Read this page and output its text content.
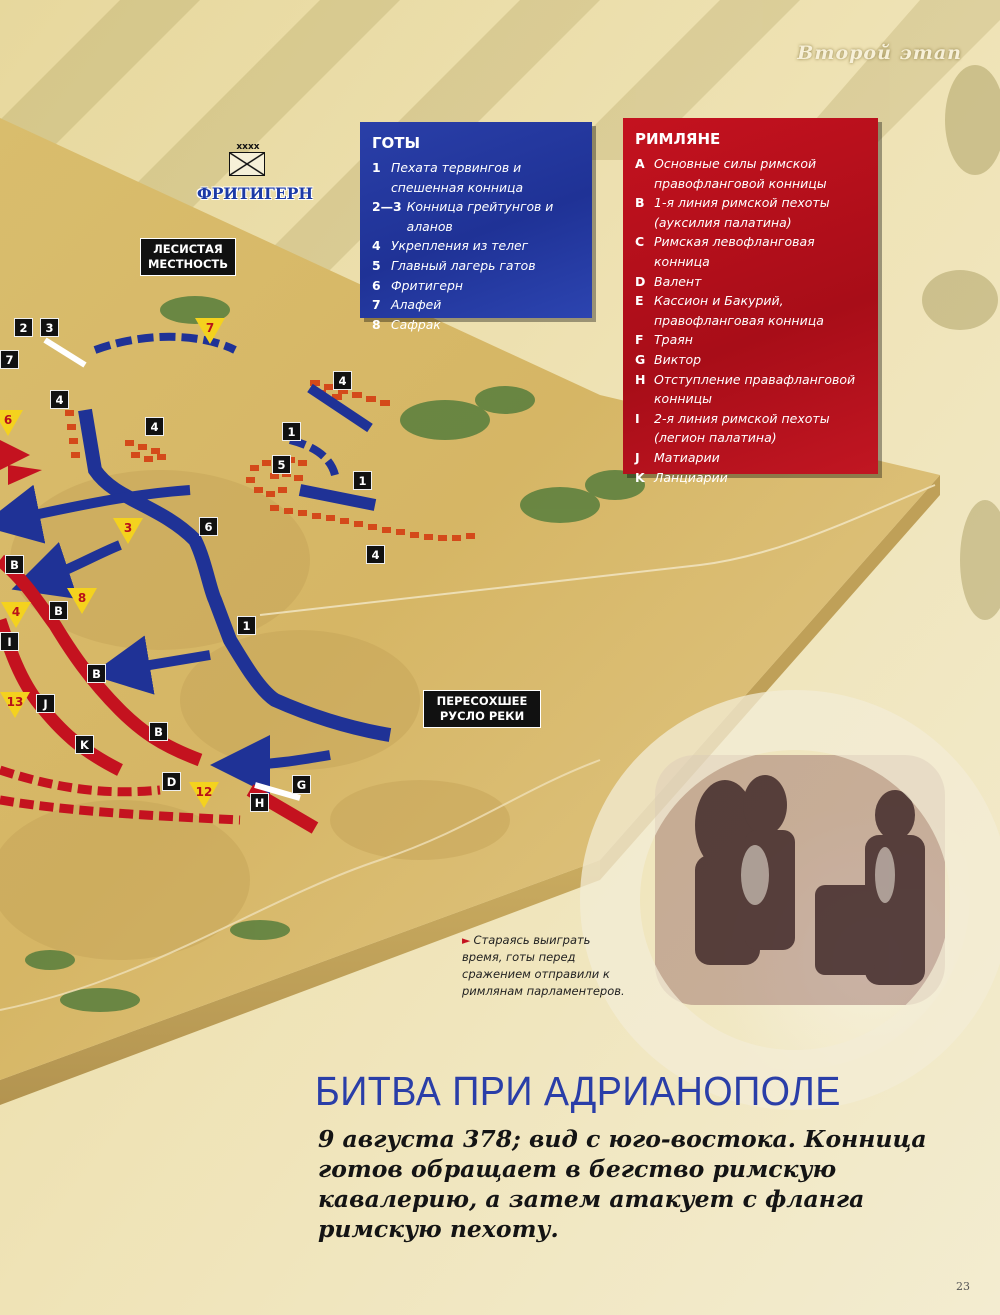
Второй этап
xxxx
ФРИТИГЕРН
ЛЕСИСТАЯ МЕСТНОСТЬ
ПЕРЕСОХШЕЕ РУСЛО РЕКИ
ГОТЫ
1 Пехата тервингов и спешенная конница
2—3 Конница грейтунгов и аланов
4 Укрепления из телег
5 Главный лагерь гатов
6 Фритигерн
7 Алафей
8 Сафрак
РИМЛЯНЕ
A Основные силы римской правофланговой конницы
B 1-я линия римской пехоты (ауксилия палатина)
C Римская левофланговая конница
D Валент
E Кассион и Бакурий, правофланговая конница
F Траян
G Виктор
H Отступление правафланговой конницы
I	2-я линия римской пехоты (легион палатина)
J	Матиарии
K Ланциарии
2	3
7
4
4
4
4
1
1
1
5
6
B
B
B
B
I
J
K
D
H
G
7
6
3
8
4
13
12
► Стараясь выиграть время, готы перед сражением отправили к римлянам парламентеров.
БИТВА ПРИ АДРИАНОПОЛЕ
9 августа 378; вид с юго-востока. Конница готов обращает в бегство римскую кавалерию, а затем атакует с фланга римскую пехоту.
23
